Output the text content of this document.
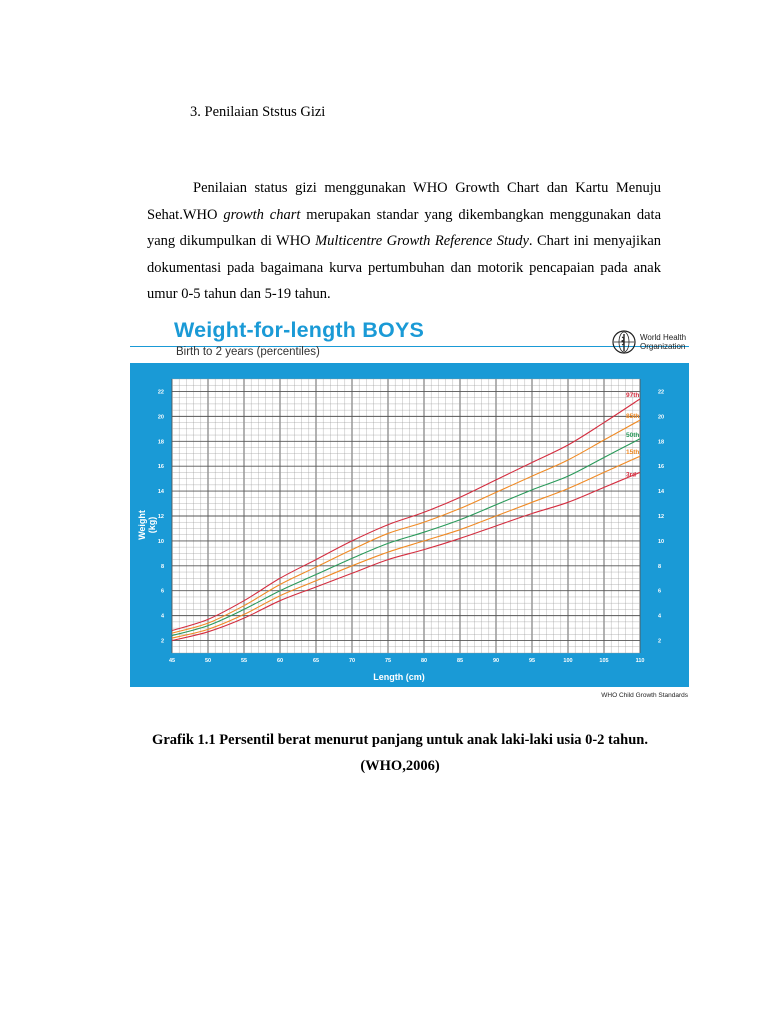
3. Penilaian Ststus Gizi
Penilaian status gizi menggunakan WHO Growth Chart dan Kartu Menuju Sehat.WHO growth chart merupakan standar yang dikembangkan menggunakan data yang dikumpulkan di WHO Multicentre Growth Reference Study. Chart ini menyajikan dokumentasi pada bagaimana kurva pertumbuhan dan motorik pencapaian pada anak umur 0-5 tahun dan 5-19 tahun.
Weight-for-length BOYS
Birth to 2 years (percentiles)
World Health
Organization
45	50	55	60	65	70	75	80	85	90	95	100	105	110
2	2
4	4
6	6
8	8
10	10
12	12
14	14
16	16
18	18
20	20
22	22
97th
85th
50th
15th
3rd
Weight (kg)
Length (cm)
WHO Child Growth Standards
Grafik 1.1 Persentil berat menurut panjang untuk anak laki-laki usia 0-2 tahun.(WHO,2006)
